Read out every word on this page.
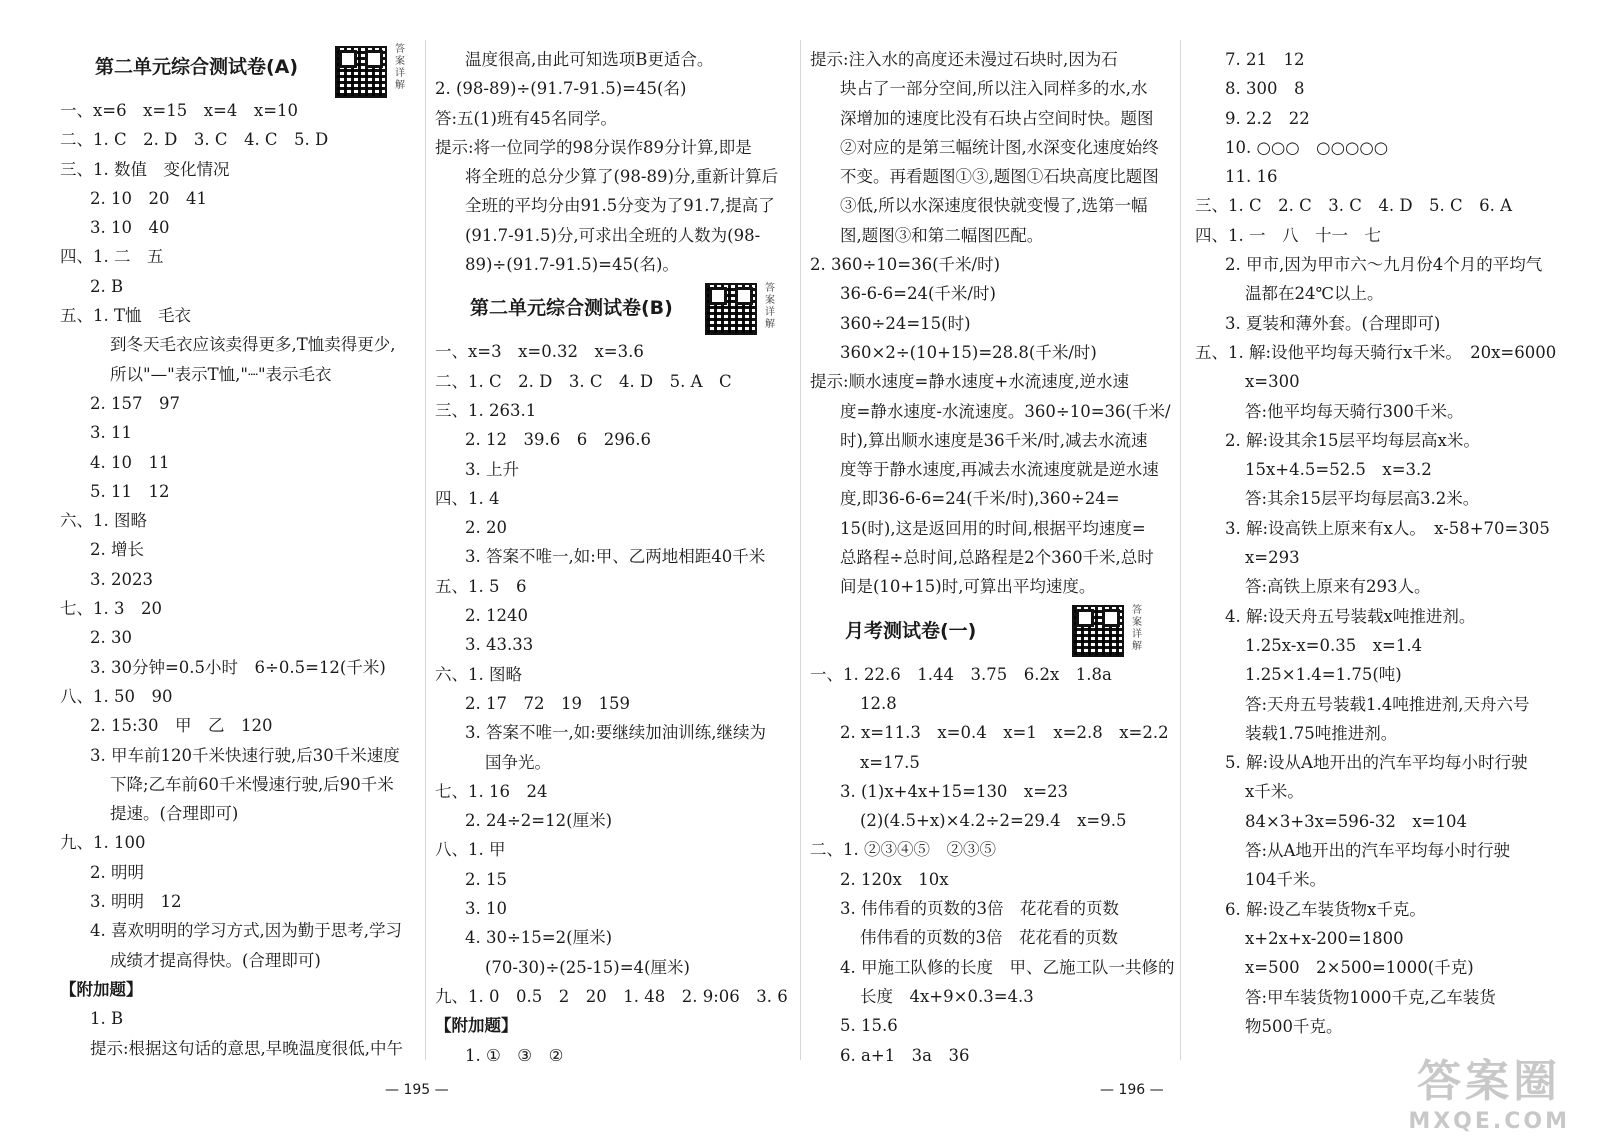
第二单元综合测试卷(A)
一、x=6　x=15　x=4　x=10
二、1. C　2. D　3. C　4. C　5. D
三、1. 数值　变化情况
2. 10　20　41
3. 10　40
四、1. 二　五
2. B
五、1. T恤　毛衣
到冬天毛衣应该卖得更多,T恤卖得更少,
所以"—"表示T恤,"┈"表示毛衣
2. 157　97
3. 11
4. 10　11
5. 11　12
六、1. 图略
2. 增长
3. 2023
七、1. 3　20
2. 30
3. 30分钟=0.5小时　6÷0.5=12(千米)
八、1. 50　90
2. 15:30　甲　乙　120
3. 甲车前120千米快速行驶,后30千米速度
下降;乙车前60千米慢速行驶,后90千米
提速。(合理即可)
九、1. 100
2. 明明
3. 明明　12
4. 喜欢明明的学习方式,因为勤于思考,学习
成绩才提高得快。(合理即可)
【附加题】
1. B
提示:根据这句话的意思,早晚温度很低,中午
答案详解
温度很高,由此可知选项B更适合。
2. (98-89)÷(91.7-91.5)=45(名)
答:五(1)班有45名同学。
提示:将一位同学的98分误作89分计算,即是
将全班的总分少算了(98-89)分,重新计算后
全班的平均分由91.5分变为了91.7,提高了
(91.7-91.5)分,可求出全班的人数为(98-
89)÷(91.7-91.5)=45(名)。
第二单元综合测试卷(B)
一、x=3　x=0.32　x=3.6
二、1. C　2. D　3. C　4. D　5. A　C
三、1. 263.1
2. 12　39.6　6　296.6
3. 上升
四、1. 4
2. 20
3. 答案不唯一,如:甲、乙两地相距40千米
五、1. 5　6
2. 1240
3. 43.33
六、1. 图略
2. 17　72　19　159
3. 答案不唯一,如:要继续加油训练,继续为
国争光。
七、1. 16　24
2. 24÷2=12(厘米)
八、1. 甲
2. 15
3. 10
4. 30÷15=2(厘米)
(70-30)÷(25-15)=4(厘米)
九、1. 0　0.5　2　20　1. 48　2. 9:06　3. 6
【附加题】
1. ①　③　②
答案详解
— 195 —
提示:注入水的高度还未漫过石块时,因为石
块占了一部分空间,所以注入同样多的水,水
深增加的速度比没有石块占空间时快。题图
②对应的是第三幅统计图,水深变化速度始终
不变。再看题图①③,题图①石块高度比题图
③低,所以水深速度很快就变慢了,选第一幅
图,题图③和第二幅图匹配。
2. 360÷10=36(千米/时)
36-6-6=24(千米/时)
360÷24=15(时)
360×2÷(10+15)=28.8(千米/时)
提示:顺水速度=静水速度+水流速度,逆水速
度=静水速度-水流速度。360÷10=36(千米/
时),算出顺水速度是36千米/时,减去水流速
度等于静水速度,再减去水流速度就是逆水速
度,即36-6-6=24(千米/时),360÷24=
15(时),这是返回用的时间,根据平均速度=
总路程÷总时间,总路程是2个360千米,总时
间是(10+15)时,可算出平均速度。
月考测试卷(一)
一、1. 22.6　1.44　3.75　6.2x　1.8a
12.8
2. x=11.3　x=0.4　x=1　x=2.8　x=2.2
x=17.5
3. (1)x+4x+15=130　x=23
(2)(4.5+x)×4.2÷2=29.4　x=9.5
二、1. ②③④⑤　②③⑤
2. 120x　10x
3. 伟伟看的页数的3倍　花花看的页数
伟伟看的页数的3倍　花花看的页数
4. 甲施工队修的长度　甲、乙施工队一共修的
长度　4x+9×0.3=4.3
5. 15.6
6. a+1　3a　36
答案详解
7. 21　12
8. 300　8
9. 2.2　22
10. ○○○　○○○○○
11. 16
三、1. C　2. C　3. C　4. D　5. C　6. A
四、1. 一　八　十一　七
2. 甲市,因为甲市六～九月份4个月的平均气
温都在24℃以上。
3. 夏装和薄外套。(合理即可)
五、1. 解:设他平均每天骑行x千米。　20x=6000
x=300
答:他平均每天骑行300千米。
2. 解:设其余15层平均每层高x米。
15x+4.5=52.5　x=3.2
答:其余15层平均每层高3.2米。
3. 解:设高铁上原来有x人。　x-58+70=305
x=293
答:高铁上原来有293人。
4. 解:设天舟五号装载x吨推进剂。
1.25x-x=0.35　x=1.4
1.25×1.4=1.75(吨)
答:天舟五号装载1.4吨推进剂,天舟六号
装载1.75吨推进剂。
5. 解:设从A地开出的汽车平均每小时行驶
x千米。
84×3+3x=596-32　x=104
答:从A地开出的汽车平均每小时行驶
104千米。
6. 解:设乙车装货物x千克。
x+2x+x-200=1800
x=500　2×500=1000(千克)
答:甲车装货物1000千克,乙车装货
物500千克。
— 196 —	答案圈
MXQE.COM
